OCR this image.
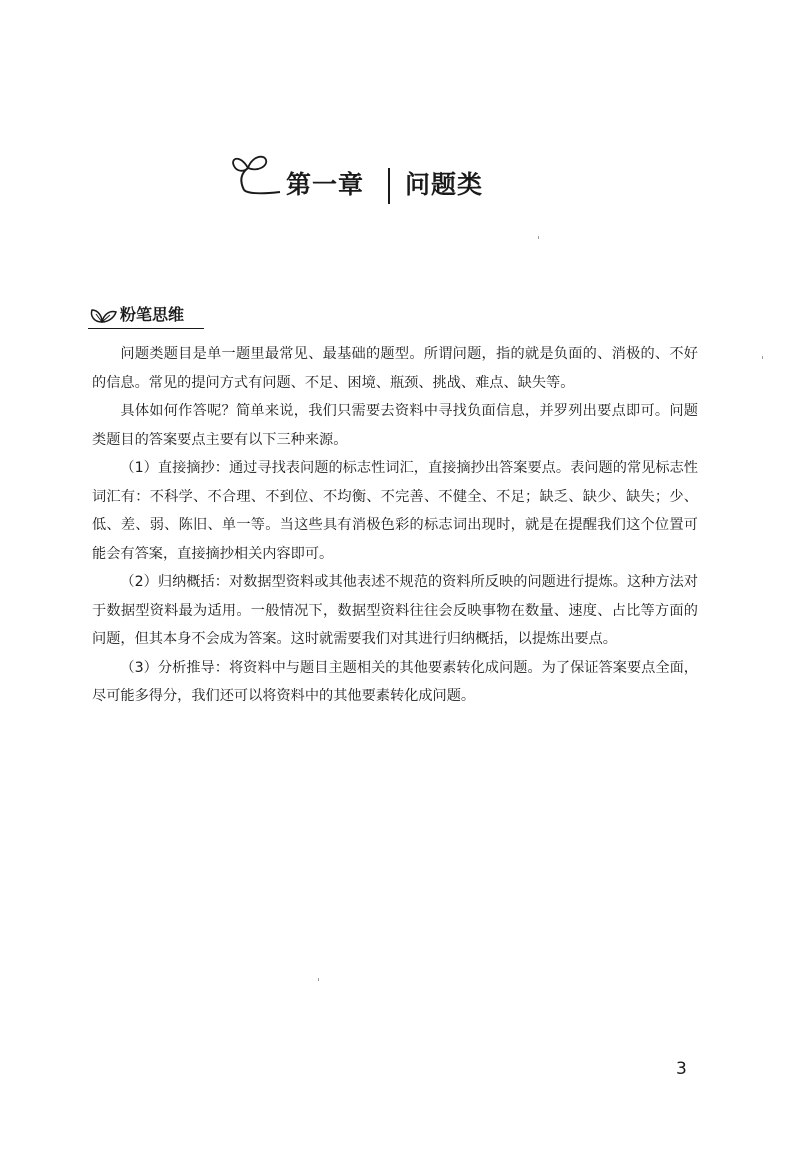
第一章 问题类
粉笔思维

问题类题目是单一题里最常见、最基础的题型。所谓问题，指的就是负面的、消极的、不好的信息。常见的提问方式有问题、不足、困境、瓶颈、挑战、难点、缺失等。

具体如何作答呢？简单来说，我们只需要去资料中寻找负面信息，并罗列出要点即可。问题类题目的答案要点主要有以下三种来源。

（1）直接摘抄：通过寻找表问题的标志性词汇，直接摘抄出答案要点。表问题的常见标志性词汇有：不科学、不合理、不到位、不均衡、不完善、不健全、不足；缺乏、缺少、缺失；少、低、差、弱、陈旧、单一等。当这些具有消极色彩的标志词出现时，就是在提醒我们这个位置可能会有答案，直接摘抄相关内容即可。

（2）归纳概括：对数据型资料或其他表述不规范的资料所反映的问题进行提炼。这种方法对于数据型资料最为适用。一般情况下，数据型资料往往会反映事物在数量、速度、占比等方面的问题，但其本身不会成为答案。这时就需要我们对其进行归纳概括，以提炼出要点。

（3）分析推导：将资料中与题目主题相关的其他要素转化成问题。为了保证答案要点全面，尽可能多得分，我们还可以将资料中的其他要素转化成问题。

3
